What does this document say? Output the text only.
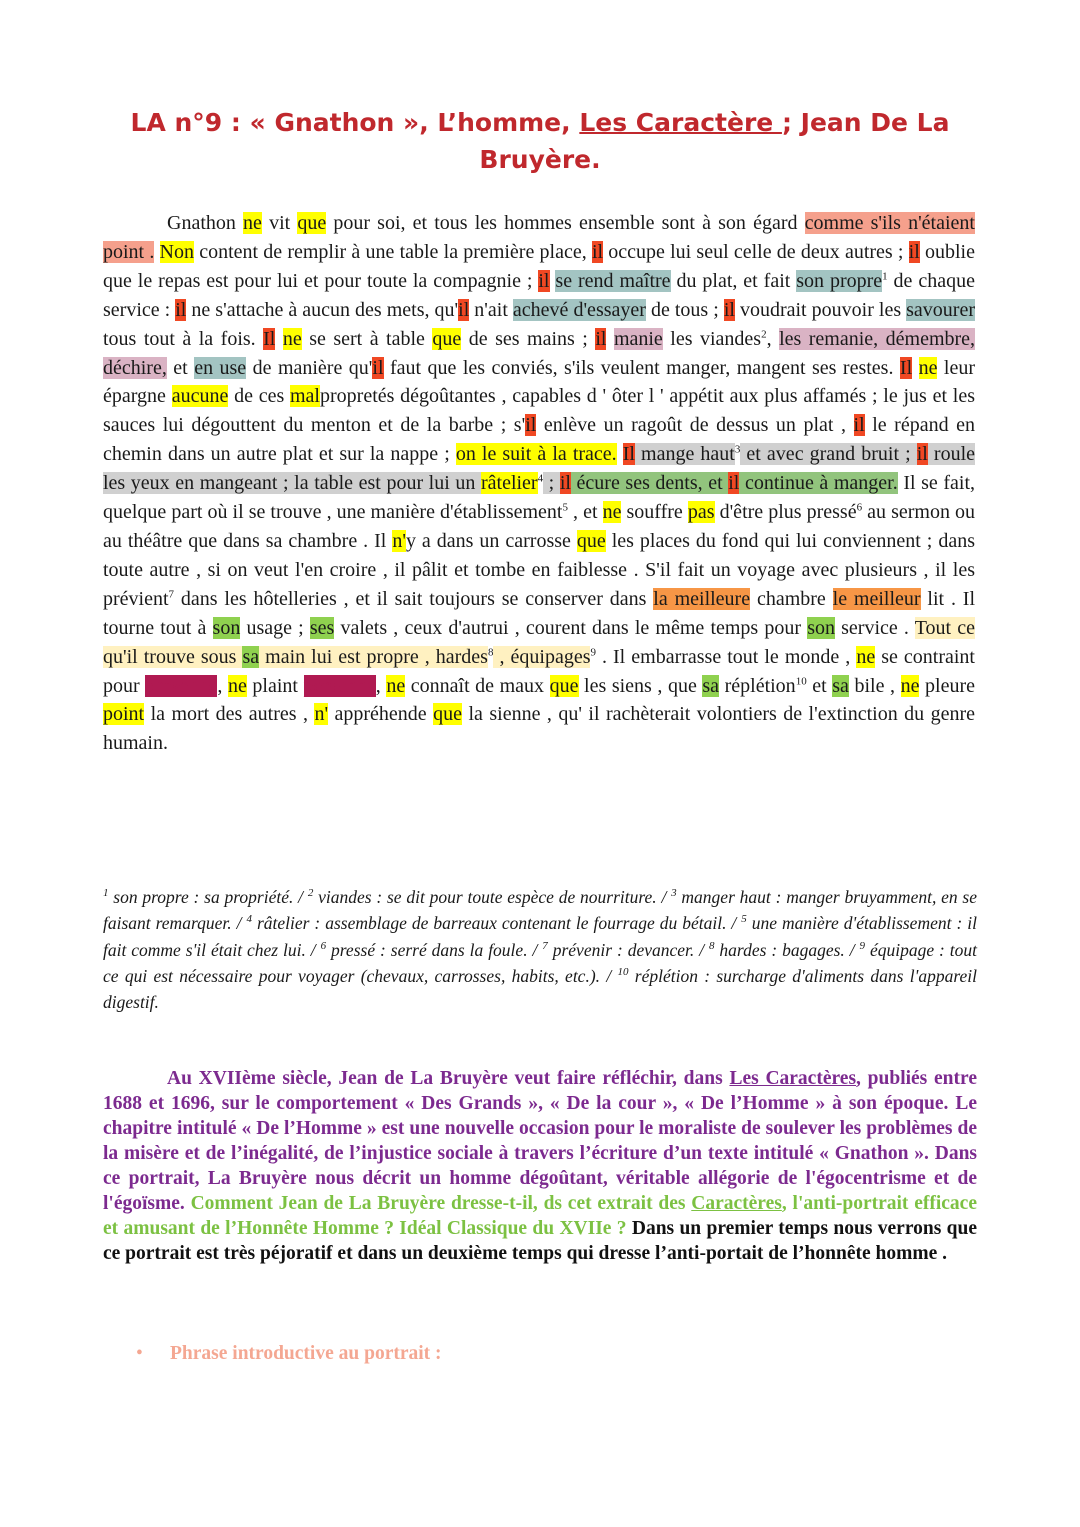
LA n°9 : « Gnathon », L’homme, Les Caractère ; Jean De La Bruyère.

Gnathon ne vit que pour soi, et tous les hommes ensemble sont à son égard comme s'ils n'étaient point . Non content de remplir à une table la première place, il occupe lui seul celle de deux autres ; il oublie que le repas est pour lui et pour toute la compagnie ; il se rend maître du plat, et fait son propre$^1$ de chaque service : il ne s'attache à aucun des mets, qu'il n'ait achevé d'essayer de tous ; il voudrait pouvoir les savourer tous tout à la fois. Il ne se sert à table que de ses mains ; il manie les viandes$^2$, les remanie, démembre, déchire, et en use de manière qu'il faut que les conviés, s'ils veulent manger, mangent ses restes. Il ne leur épargne aucune de ces malpropretés dégoûtantes , capables d ' ôter l ' appétit aux plus affamés ; le jus et les sauces lui dégouttent du menton et de la barbe ; s'il enlève un ragoût de dessus un plat , il le répand en chemin dans un autre plat et sur la nappe ; on le suit à la trace. Il mange haut$^3$ et avec grand bruit ; il roule les yeux en mangeant ; la table est pour lui un râtelier$^4$ ; il écure ses dents, et il continue à manger. Il se fait, quelque part où il se trouve , une manière d'établissement$^5$ , et ne souffre pas d'être plus pressé$^6$ au sermon ou au théâtre que dans sa chambre . Il n'y a dans un carrosse que les places du fond qui lui conviennent ; dans toute autre , si on veut l'en croire , il pâlit et tombe en faiblesse . S'il fait un voyage avec plusieurs , il les prévient$^7$ dans les hôtelleries , et il sait toujours se conserver dans la meilleure chambre le meilleur lit . Il tourne tout à son usage ; ses valets , ceux d'autrui , courent dans le même temps pour son service . Tout ce qu'il trouve sous sa main lui est propre , hardes$^8$ , équipages$^9$ . Il embarrasse tout le monde , ne se contraint pour personne, ne plaint personne, ne connaît de maux que les siens , que sa réplétion$^{10}$ et sa bile , ne pleure point la mort des autres , n' appréhende que la sienne , qu' il rachèterait volontiers de l'extinction du genre humain.

$^1$ son propre : sa propriété. / $^2$ viandes : se dit pour toute espèce de nourriture. / $^3$ manger haut : manger bruyamment, en se faisant remarquer. / $^4$ râtelier : assemblage de barreaux contenant le fourrage du bétail. / $^5$ une manière d'établissement : il fait comme s'il était chez lui. / $^6$ pressé : serré dans la foule. / $^7$ prévenir : devancer. / $^8$ hardes : bagages. / $^9$ équipage : tout ce qui est nécessaire pour voyager (chevaux, carrosses, habits, etc.). / $^{10}$ réplétion : surcharge d'aliments dans l'appareil digestif.

Au XVIIème siècle, Jean de La Bruyère veut faire réfléchir, dans Les Caractères, publiés entre 1688 et 1696, sur le comportement « Des Grands », « De la cour », « De l’Homme » à son époque. Le chapitre intitulé « De l’Homme » est une nouvelle occasion pour le moraliste de soulever les problèmes de la misère et de l’inégalité, de l’injustice sociale à travers l’écriture d’un texte intitulé « Gnathon ». Dans ce portrait, La Bruyère nous décrit un homme dégoûtant, véritable allégorie de l'égocentrisme et de l'égoïsme. Comment Jean de La Bruyère dresse-t-il, ds cet extrait des Caractères, l'anti-portrait efficace et amusant de l’Honnête Homme ? Idéal Classique du XVIIe ? Dans un premier temps nous verrons que ce portrait est très péjoratif et dans un deuxième temps qui dresse l’anti-portait de l’honnête homme .

• Phrase introductive au portrait :
